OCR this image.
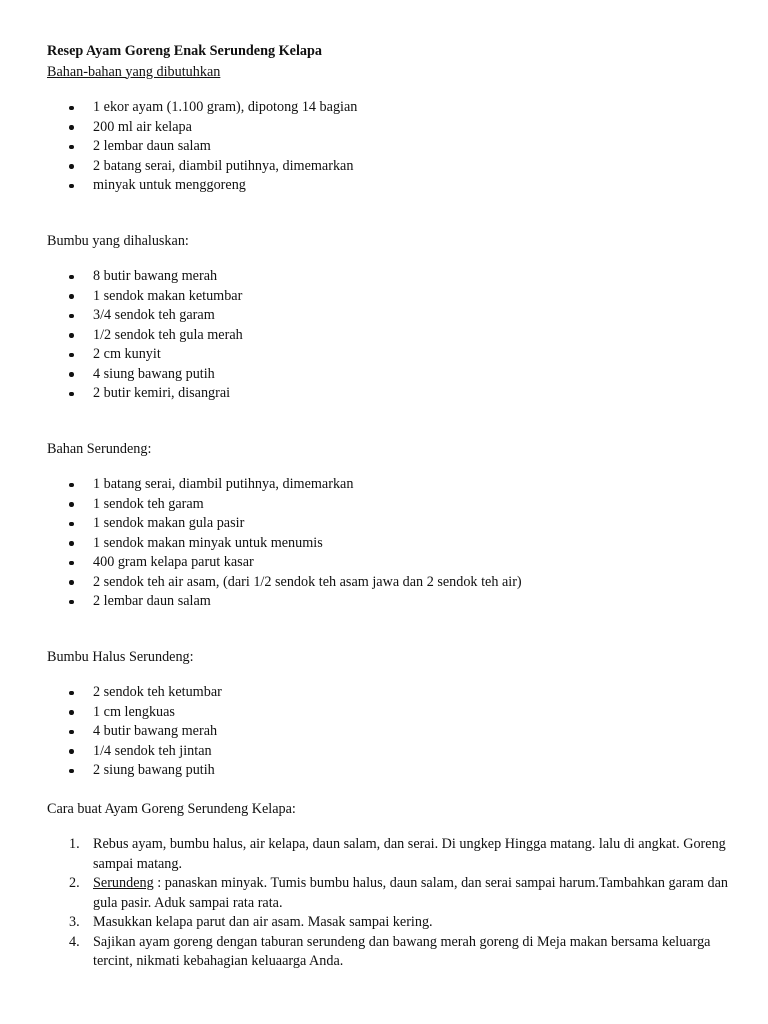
Resep Ayam Goreng Enak Serundeng Kelapa
Bahan-bahan yang dibutuhkan
1 ekor ayam (1.100 gram), dipotong 14 bagian
200 ml air kelapa
2 lembar daun salam
2 batang serai, diambil putihnya, dimemarkan
minyak untuk menggoreng
Bumbu yang dihaluskan:
8 butir bawang merah
1 sendok makan ketumbar
3/4 sendok teh garam
1/2 sendok teh gula merah
2 cm kunyit
4 siung bawang putih
2 butir kemiri, disangrai
Bahan Serundeng:
1 batang serai, diambil putihnya, dimemarkan
1 sendok teh garam
1 sendok makan gula pasir
1 sendok makan minyak untuk menumis
400 gram kelapa parut kasar
2 sendok teh air asam, (dari 1/2 sendok teh asam jawa dan 2 sendok teh air)
2 lembar daun salam
Bumbu Halus Serundeng:
2 sendok teh ketumbar
1 cm lengkuas
4 butir bawang merah
1/4 sendok teh jintan
2 siung bawang putih
Cara buat Ayam Goreng Serundeng Kelapa:
1. Rebus ayam, bumbu halus, air kelapa, daun salam, dan serai. Di ungkep Hingga matang. lalu di angkat. Goreng sampai matang.
2. Serundeng : panaskan minyak. Tumis bumbu halus, daun salam, dan serai sampai harum.Tambahkan garam dan gula pasir. Aduk sampai rata rata.
3. Masukkan kelapa parut dan air asam. Masak sampai kering.
4. Sajikan ayam goreng dengan taburan serundeng dan bawang merah goreng di Meja makan bersama keluarga tercint, nikmati kebahagian keluaarga Anda.
